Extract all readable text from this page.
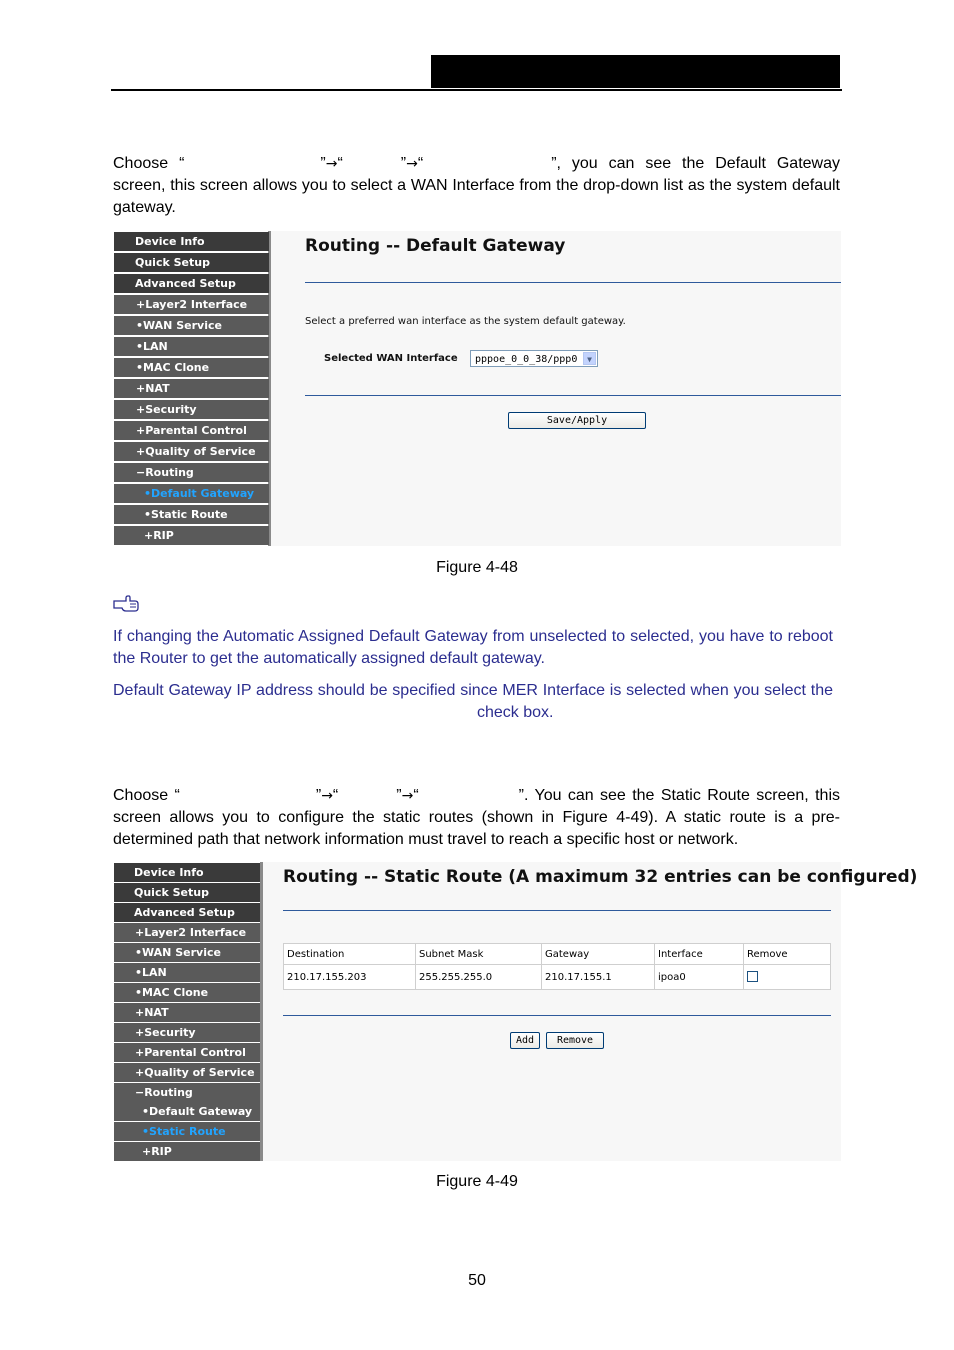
Choose “	”→“	”→“	”, you can see the Default Gateway screen, this screen allows you to select a WAN Interface from the drop-down list as the system default gateway.

Device Info
Quick Setup
Advanced Setup
+Layer2 Interface
•WAN Service
•LAN
•MAC Clone
+NAT
+Security
+Parental Control
+Quality of Service
−Routing
•Default Gateway
•Static Route
+RIP
Routing -- Default Gateway
Select a preferred wan interface as the system default gateway.
Selected WAN Interface	pppoe_0_0_38/ppp0	▼
Save/Apply
Figure 4-48

If changing the Automatic Assigned Default Gateway from unselected to selected, you have to reboot the Router to get the automatically assigned default gateway.

Default Gateway IP address should be specified since MER Interface is selected when you select thecheck box.

Choose “	”→“	”→“	”. You can see the Static Route screen, this screen allows you to configure the static routes (shown in Figure 4-49). A static route is a pre-determined path that network information must travel to reach a specific host or network.

Device Info
Quick Setup
Advanced Setup
+Layer2 Interface
•WAN Service
•LAN
•MAC Clone
+NAT
+Security
+Parental Control
+Quality of Service
−Routing
•Default Gateway
•Static Route
+RIP
Routing -- Static Route (A maximum 32 entries can be configured)
Destination	Subnet Mask	Gateway	Interface	Remove
210.17.155.203	255.255.255.0	210.17.155.1	ipoa0	
Add	Remove
Figure 4-49
50
